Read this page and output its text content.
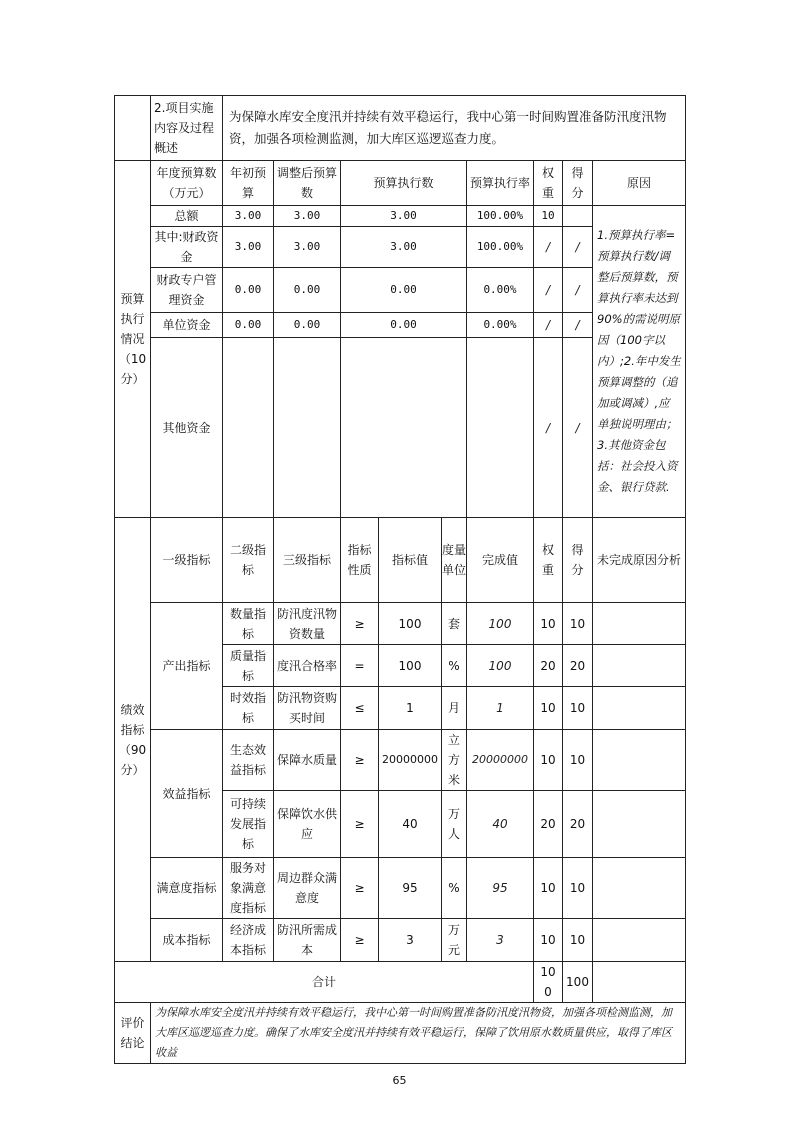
	2.项目实施内容及过程概述	为保障水库安全度汛并持续有效平稳运行，我中心第一时间购置准备防汛度汛物资，加强各项检测监测，加大库区巡逻巡查力度。								
预算执行情况（10分）	年度预算数（万元）	年初预算	调整后预算数	预算执行数			预算执行率	权重	得分	原因
	总额	3.00	3.00	3.00			100.00%	10		1.预算执行率=预算执行数/调整后预算数，预算执行率未达到90%的需说明原因（100字以内）;2.年中发生预算调整的（追加或调减）,应单独说明理由；3.其他资金包括：社会投入资金、银行贷款.
	其中:财政资金	3.00	3.00	3.00			100.00%	/	/	
	财政专户管理资金	0.00	0.00	0.00			0.00%	/	/	
	单位资金	0.00	0.00	0.00			0.00%	/	/	
	其他资金							/	/	
绩效指标（90分）	一级指标	二级指标	三级指标	指标性质	指标值	度量单位	完成值	权重	得分	未完成原因分析
	产出指标	数量指标	防汛度汛物资数量	≥	100	套	100	10	10	
		质量指标	度汛合格率	=	100	%	100	20	20	
		时效指标	防汛物资购买时间	≤	1	月	1	10	10	
	效益指标	生态效益指标	保障水质量	≥	20000000	立方米	20000000	10	10	
		可持续发展指标	保障饮水供应	≥	40	万人	40	20	20	
	满意度指标	服务对象满意度指标	周边群众满意度	≥	95	%	95	10	10	
	成本指标	经济成本指标	防汛所需成本	≥	3	万元	3	10	10	
合计								100	100	
评价结论	为保障水库安全度汛并持续有效平稳运行，我中心第一时间购置准备防汛度汛物资，加强各项检测监测，加大库区巡逻巡查力度。确保了水库安全度汛并持续有效平稳运行，保障了饮用原水数质量供应，取得了库区收益									
65
